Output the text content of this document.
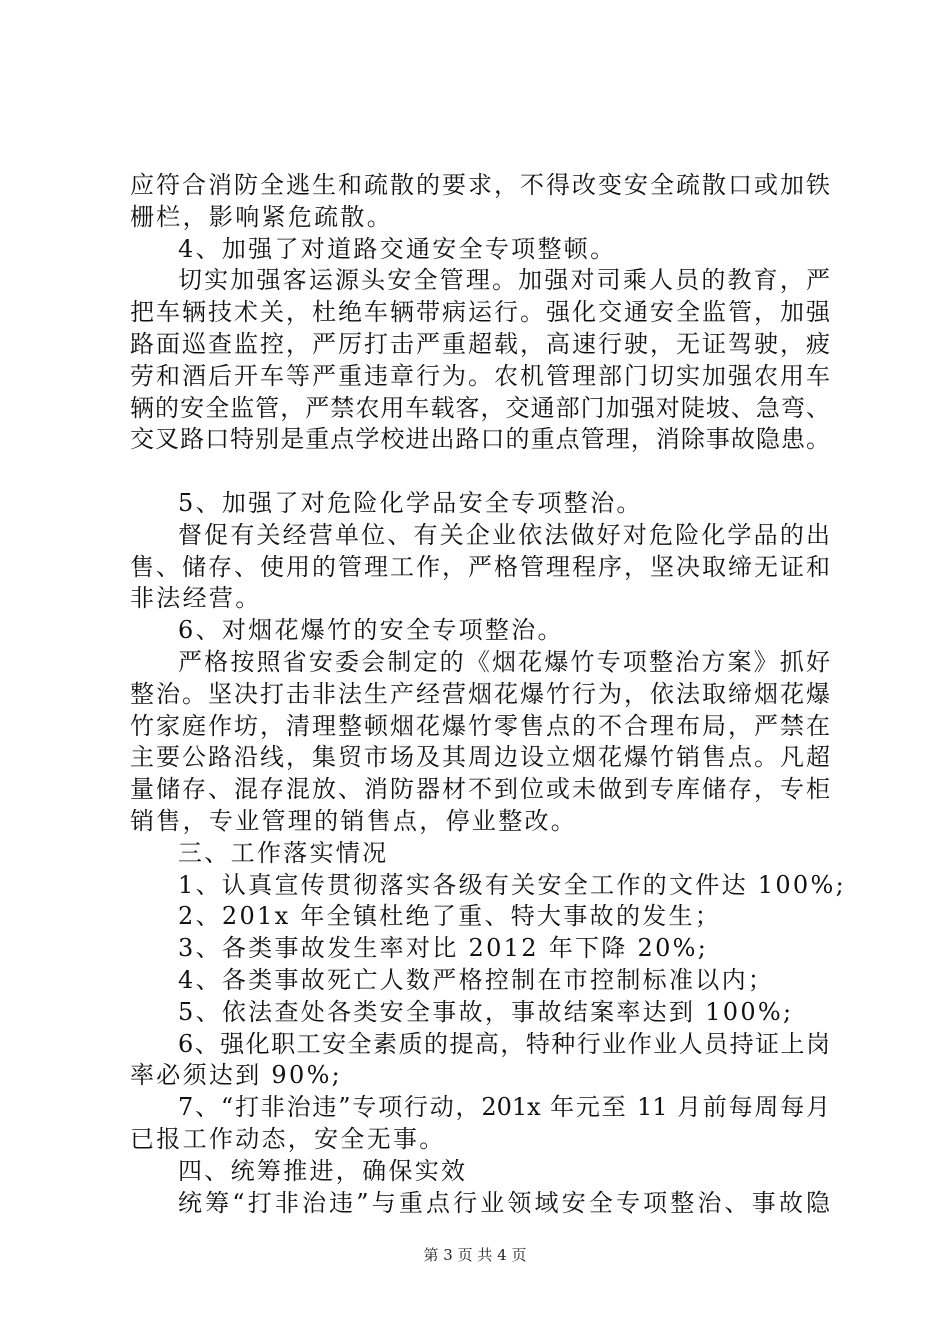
应符合消防全逃生和疏散的要求，不得改变安全疏散口或加铁
栅栏，影响紧危疏散。
4、加强了对道路交通安全专项整顿。
切实加强客运源头安全管理。加强对司乘人员的教育，严
把车辆技术关，杜绝车辆带病运行。强化交通安全监管，加强
路面巡查监控，严厉打击严重超载，高速行驶，无证驾驶，疲
劳和酒后开车等严重违章行为。农机管理部门切实加强农用车
辆的安全监管，严禁农用车载客，交通部门加强对陡坡、急弯、
交叉路口特别是重点学校进出路口的重点管理，消除事故隐患。
5、加强了对危险化学品安全专项整治。
督促有关经营单位、有关企业依法做好对危险化学品的出
售、储存、使用的管理工作，严格管理程序，坚决取缔无证和
非法经营。
6、对烟花爆竹的安全专项整治。
严格按照省安委会制定的《烟花爆竹专项整治方案》抓好
整治。坚决打击非法生产经营烟花爆竹行为，依法取缔烟花爆
竹家庭作坊，清理整顿烟花爆竹零售点的不合理布局，严禁在
主要公路沿线，集贸市场及其周边设立烟花爆竹销售点。凡超
量储存、混存混放、消防器材不到位或未做到专库储存，专柜
销售，专业管理的销售点，停业整改。
三、工作落实情况
1、认真宣传贯彻落实各级有关安全工作的文件达 100%;
2、201x 年全镇杜绝了重、特大事故的发生；
3、各类事故发生率对比 2012 年下降 20%;
4、各类事故死亡人数严格控制在市控制标准以内；
5、依法查处各类安全事故，事故结案率达到 100%;
6、强化职工安全素质的提高，特种行业作业人员持证上岗
率必须达到 90%;
7、“打非治违”专项行动，201x 年元至 11 月前每周每月
已报工作动态，安全无事。
四、统筹推进，确保实效
统筹“打非治违”与重点行业领域安全专项整治、事故隐
第 3 页 共 4 页
